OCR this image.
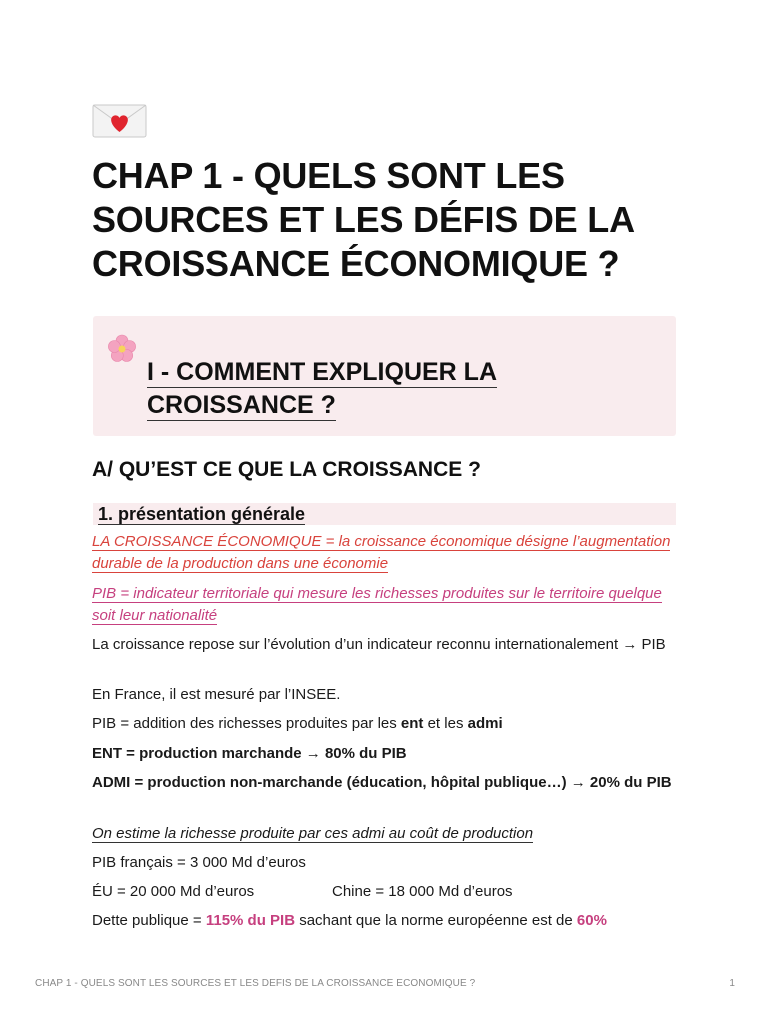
CHAP 1 - QUELS SONT LES SOURCES ET LES DÉFIS DE LA CROISSANCE ÉCONOMIQUE ?
I - COMMENT EXPLIQUER LA CROISSANCE ?
A/ QU’EST CE QUE LA CROISSANCE ?
1. présentation générale

LA CROISSANCE ÉCONOMIQUE = la croissance économique désigne l’augmentation durable de la production dans une économie

PIB = indicateur territoriale qui mesure les richesses produites sur le territoire quelque soit leur nationalité

La croissance repose sur l’évolution d’un indicateur reconnu internationalement → PIB

En France, il est mesuré par l’INSEE.

PIB = addition des richesses produites par les ent et les admi

ENT = production marchande → 80% du PIB

ADMI = production non-marchande (éducation, hôpital publique…) → 20% du PIB

On estime la richesse produite par ces admi au coût de production

PIB français = 3 000 Md d’euros

ÉU = 20 000 Md d’euros	Chine = 18 000 Md d’euros

Dette publique = 115% du PIB sachant que la norme européenne est de 60%

CHAP 1 - QUELS SONT LES SOURCES ET LES DEFIS DE LA CROISSANCE ECONOMIQUE ?	1
